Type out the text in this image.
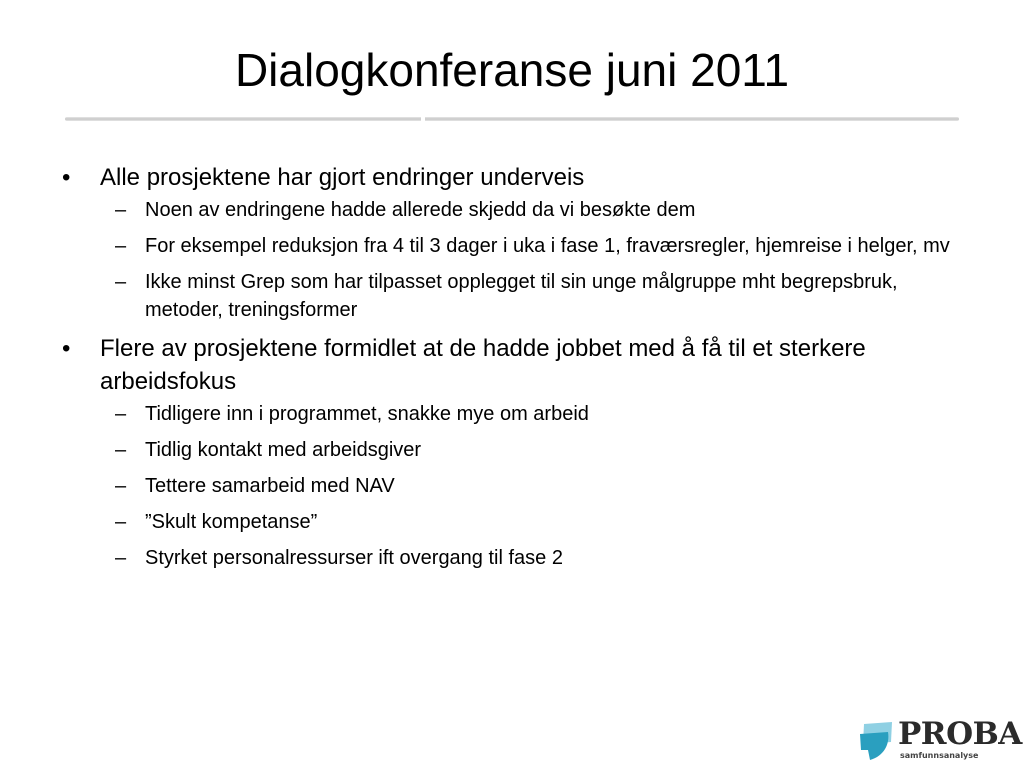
Dialogkonferanse juni 2011
•	Alle prosjektene har gjort endringer underveis
– Noen av endringene hadde allerede skjedd da vi besøkte dem
– For eksempel reduksjon fra 4 til 3 dager i uka i fase 1, fraværsregler, hjemreise i helger, mv
– Ikke minst Grep som har tilpasset opplegget til sin unge målgruppe mht begrepsbruk, metoder, treningsformer
•	Flere av prosjektene formidlet at de hadde jobbet med å få til et sterkere arbeidsfokus
– Tidligere inn i programmet, snakke mye om arbeid
– Tidlig kontakt med arbeidsgiver
– Tettere samarbeid med NAV
– ”Skult kompetanse”
– Styrket personalressurser ift overgang til fase 2
PROBA
samfunnsanalyse
